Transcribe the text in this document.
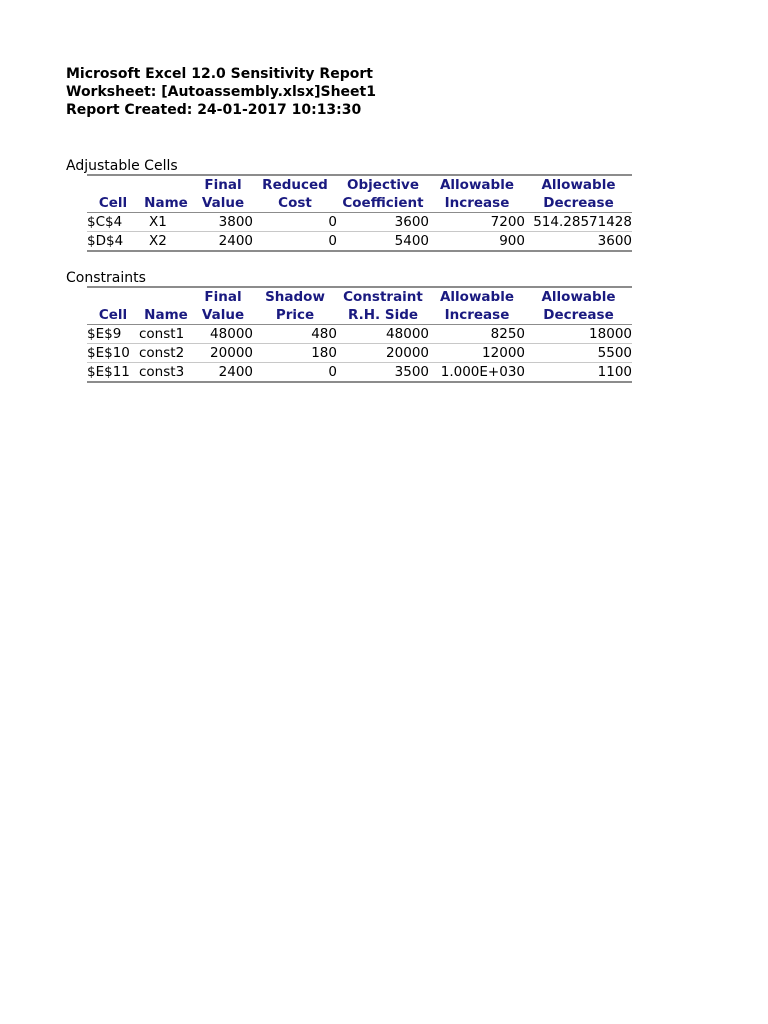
Microsoft Excel 12.0 Sensitivity Report
Worksheet: [Autoassembly.xlsx]Sheet1
Report Created: 24-01-2017 10:13:30
Adjustable Cells
		Final	Reduced	Objective	Allowable	Allowable
Cell	Name	Value	Cost	Coefficient	Increase	Decrease
$C$4	X1	3800	0	3600	7200	514.28571428
$D$4	X2	2400	0	5400	900	3600
Constraints
		Final	Shadow	Constraint	Allowable	Allowable
Cell	Name	Value	Price	R.H. Side	Increase	Decrease
$E$9	const1	48000	480	48000	8250	18000
$E$10	const2	20000	180	20000	12000	5500
$E$11	const3	2400	0	3500	1.000E+030	1100
